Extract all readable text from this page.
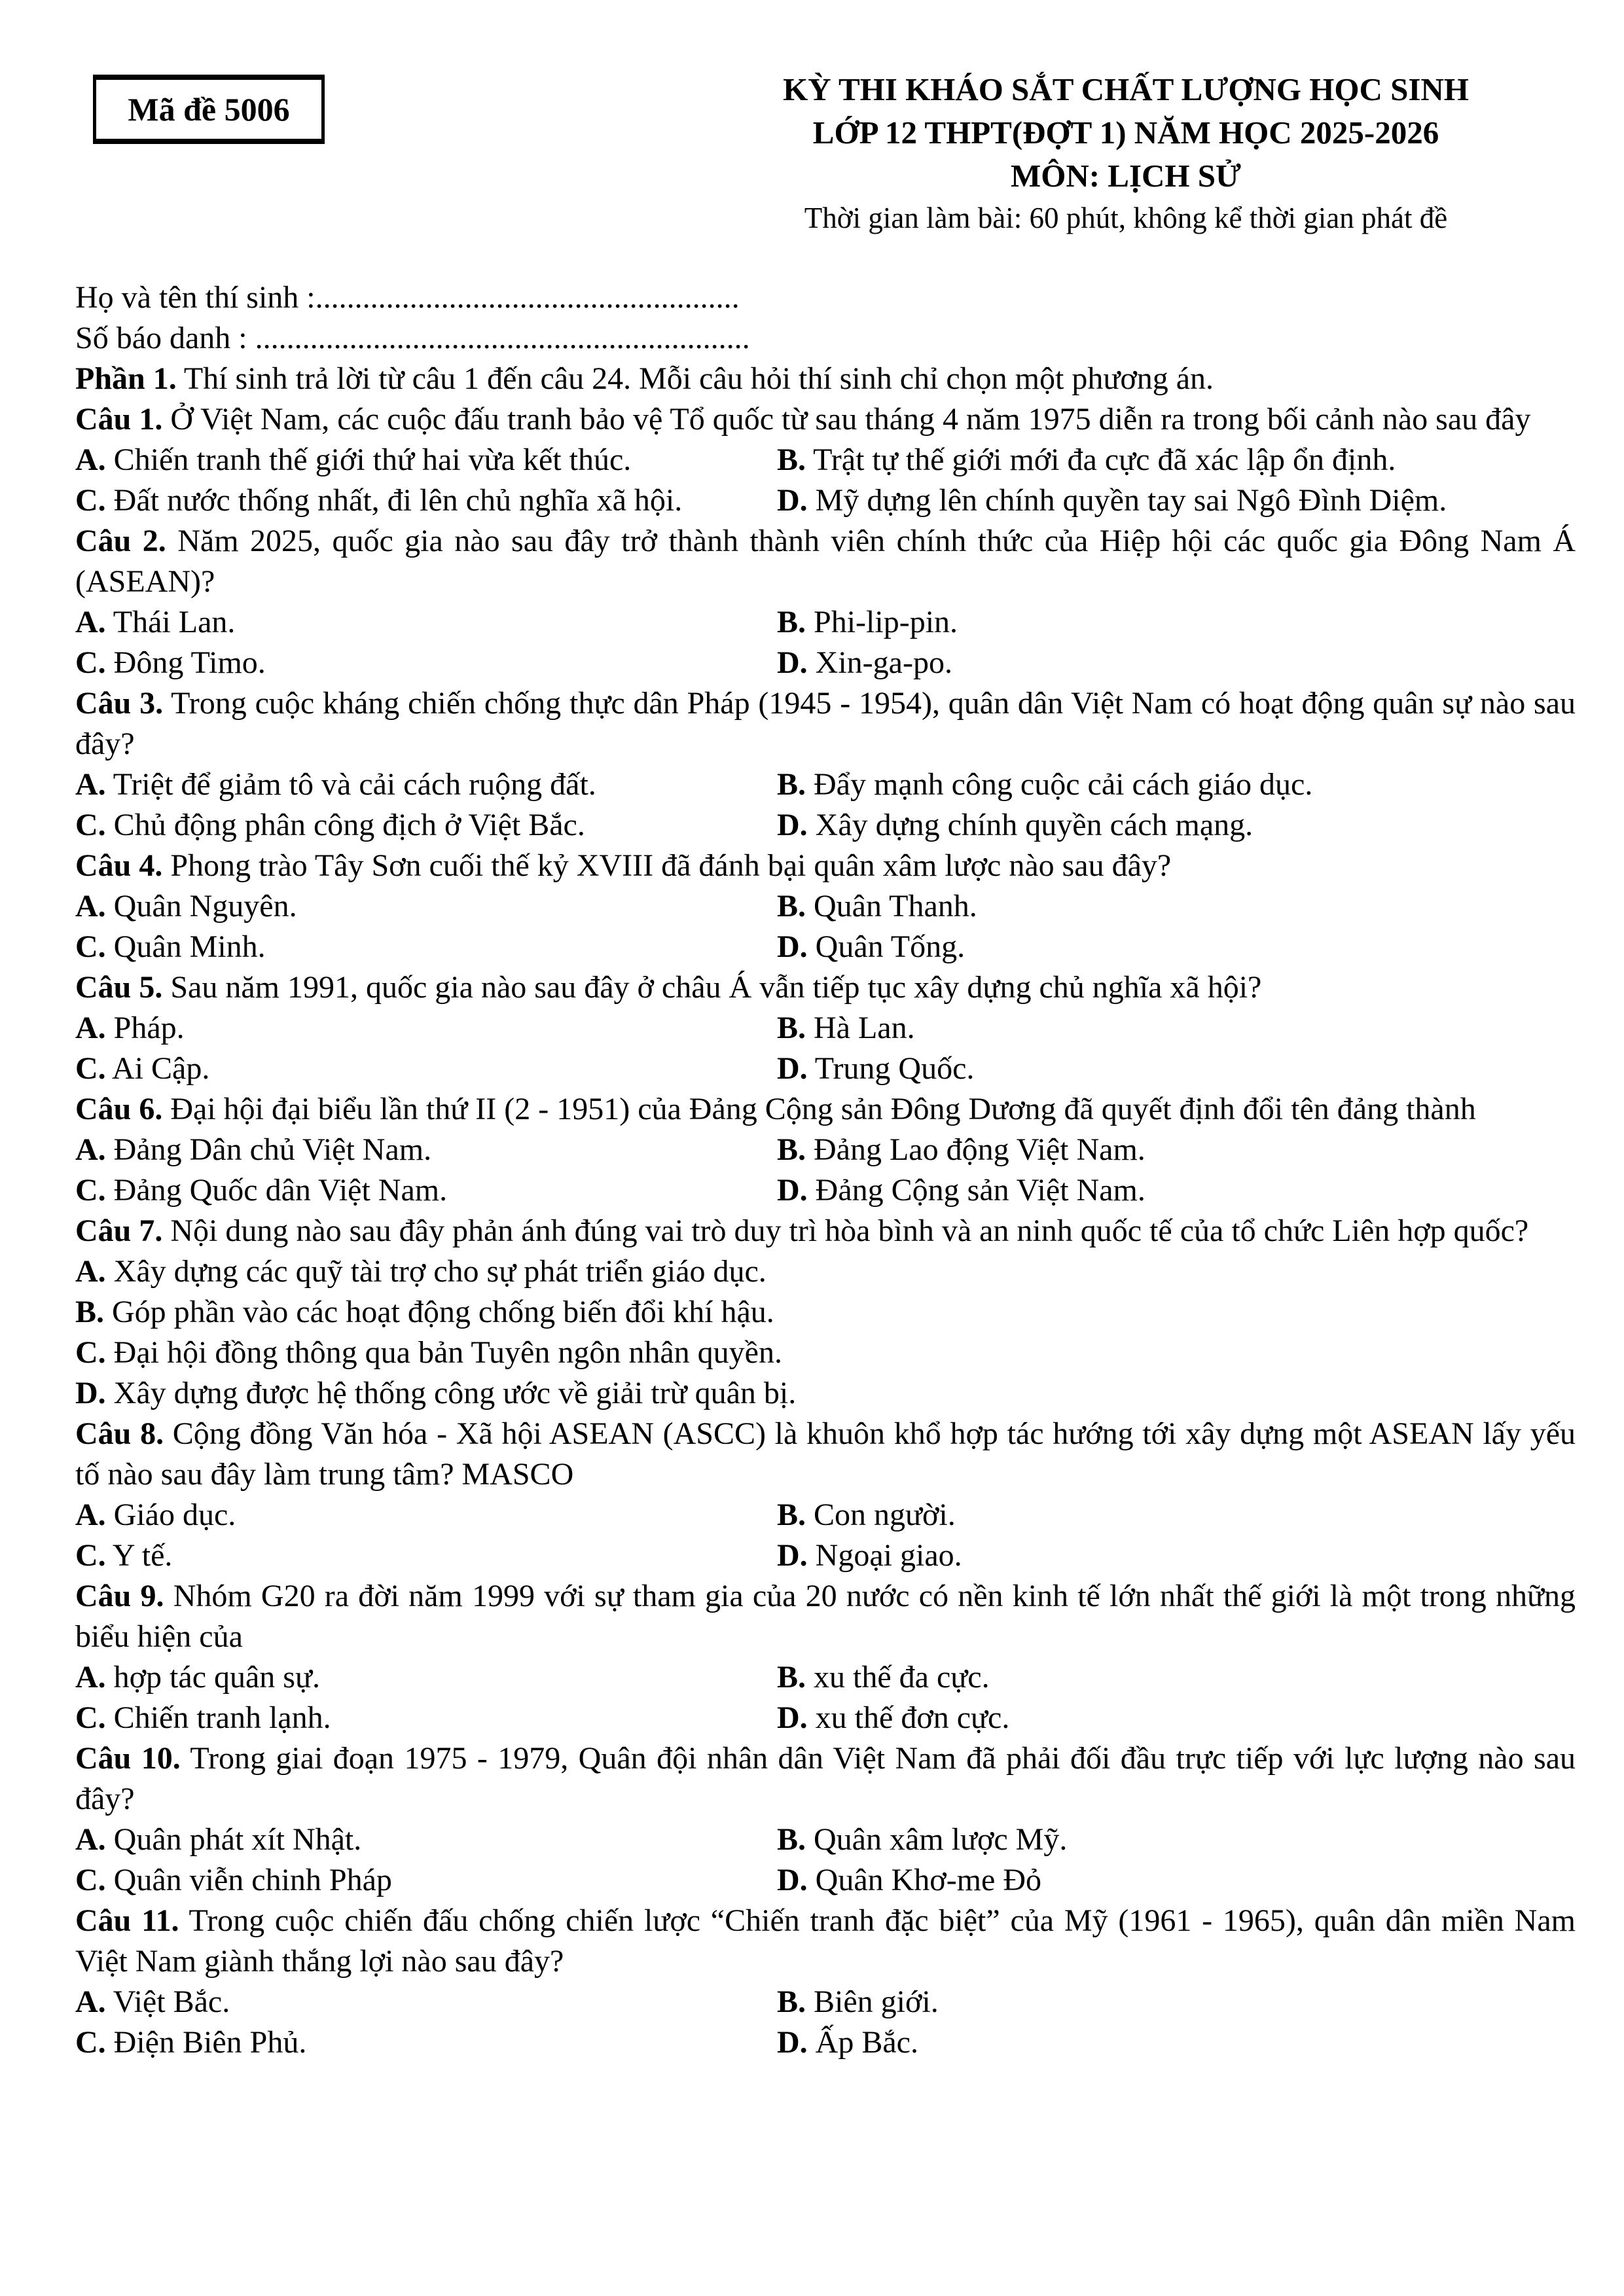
Mã đề 5006
KỲ THI KHÁO SẮT CHẤT LƯỢNG HỌC SINH
LỚP 12 THPT(ĐỢT 1) NĂM HỌC 2025-2026
MÔN: LỊCH SỬ
Thời gian làm bài: 60 phút, không kể thời gian phát đề

Họ và tên thí sinh :......................................................

Số báo danh : ...............................................................

Phần 1. Thí sinh trả lời từ câu 1 đến câu 24. Mỗi câu hỏi thí sinh chỉ chọn một phương án.

Câu 1. Ở Việt Nam, các cuộc đấu tranh bảo vệ Tổ quốc từ sau tháng 4 năm 1975 diễn ra trong bối cảnh nào sau đây

A. Chiến tranh thế giới thứ hai vừa kết thúc.	B. Trật tự thế giới mới đa cực đã xác lập ổn định.

C. Đất nước thống nhất, đi lên chủ nghĩa xã hội.	D. Mỹ dựng lên chính quyền tay sai Ngô Đình Diệm.

Câu 2. Năm 2025, quốc gia nào sau đây trở thành thành viên chính thức của Hiệp hội các quốc gia Đông Nam Á (ASEAN)?

A. Thái Lan.	B. Phi-lip-pin.

C. Đông Timo.	D. Xin-ga-po.

Câu 3. Trong cuộc kháng chiến chống thực dân Pháp (1945 - 1954), quân dân Việt Nam có hoạt động quân sự nào sau đây?

A. Triệt để giảm tô và cải cách ruộng đất.	B. Đẩy mạnh công cuộc cải cách giáo dục.

C. Chủ động phân công địch ở Việt Bắc.	D. Xây dựng chính quyền cách mạng.

Câu 4. Phong trào Tây Sơn cuối thế kỷ XVIII đã đánh bại quân xâm lược nào sau đây?

A. Quân Nguyên.	B. Quân Thanh.

C. Quân Minh.	D. Quân Tống.

Câu 5. Sau năm 1991, quốc gia nào sau đây ở châu Á vẫn tiếp tục xây dựng chủ nghĩa xã hội?

A. Pháp.	B. Hà Lan.

C. Ai Cập.	D. Trung Quốc.

Câu 6. Đại hội đại biểu lần thứ II (2 - 1951) của Đảng Cộng sản Đông Dương đã quyết định đổi tên đảng thành

A. Đảng Dân chủ Việt Nam.	B. Đảng Lao động Việt Nam.

C. Đảng Quốc dân Việt Nam.	D. Đảng Cộng sản Việt Nam.

Câu 7. Nội dung nào sau đây phản ánh đúng vai trò duy trì hòa bình và an ninh quốc tế của tổ chức Liên hợp quốc?

A. Xây dựng các quỹ tài trợ cho sự phát triển giáo dục.

B. Góp phần vào các hoạt động chống biến đổi khí hậu.

C. Đại hội đồng thông qua bản Tuyên ngôn nhân quyền.

D. Xây dựng được hệ thống công ước về giải trừ quân bị.

Câu 8. Cộng đồng Văn hóa - Xã hội ASEAN (ASCC) là khuôn khổ hợp tác hướng tới xây dựng một ASEAN lấy yếu tố nào sau đây làm trung tâm? MASCO

A. Giáo dục.	B. Con người.

C. Y tế.	D. Ngoại giao.

Câu 9. Nhóm G20 ra đời năm 1999 với sự tham gia của 20 nước có nền kinh tế lớn nhất thế giới là một trong những biểu hiện của

A. hợp tác quân sự.	B. xu thế đa cực.

C. Chiến tranh lạnh.	D. xu thế đơn cực.

Câu 10. Trong giai đoạn 1975 - 1979, Quân đội nhân dân Việt Nam đã phải đối đầu trực tiếp với lực lượng nào sau đây?

A. Quân phát xít Nhật.	B. Quân xâm lược Mỹ.

C. Quân viễn chinh Pháp	D. Quân Khơ-me Đỏ

Câu 11. Trong cuộc chiến đấu chống chiến lược “Chiến tranh đặc biệt” của Mỹ (1961 - 1965), quân dân miền Nam Việt Nam giành thắng lợi nào sau đây?

A. Việt Bắc.	B. Biên giới.

C. Điện Biên Phủ.	D. Ấp Bắc.
